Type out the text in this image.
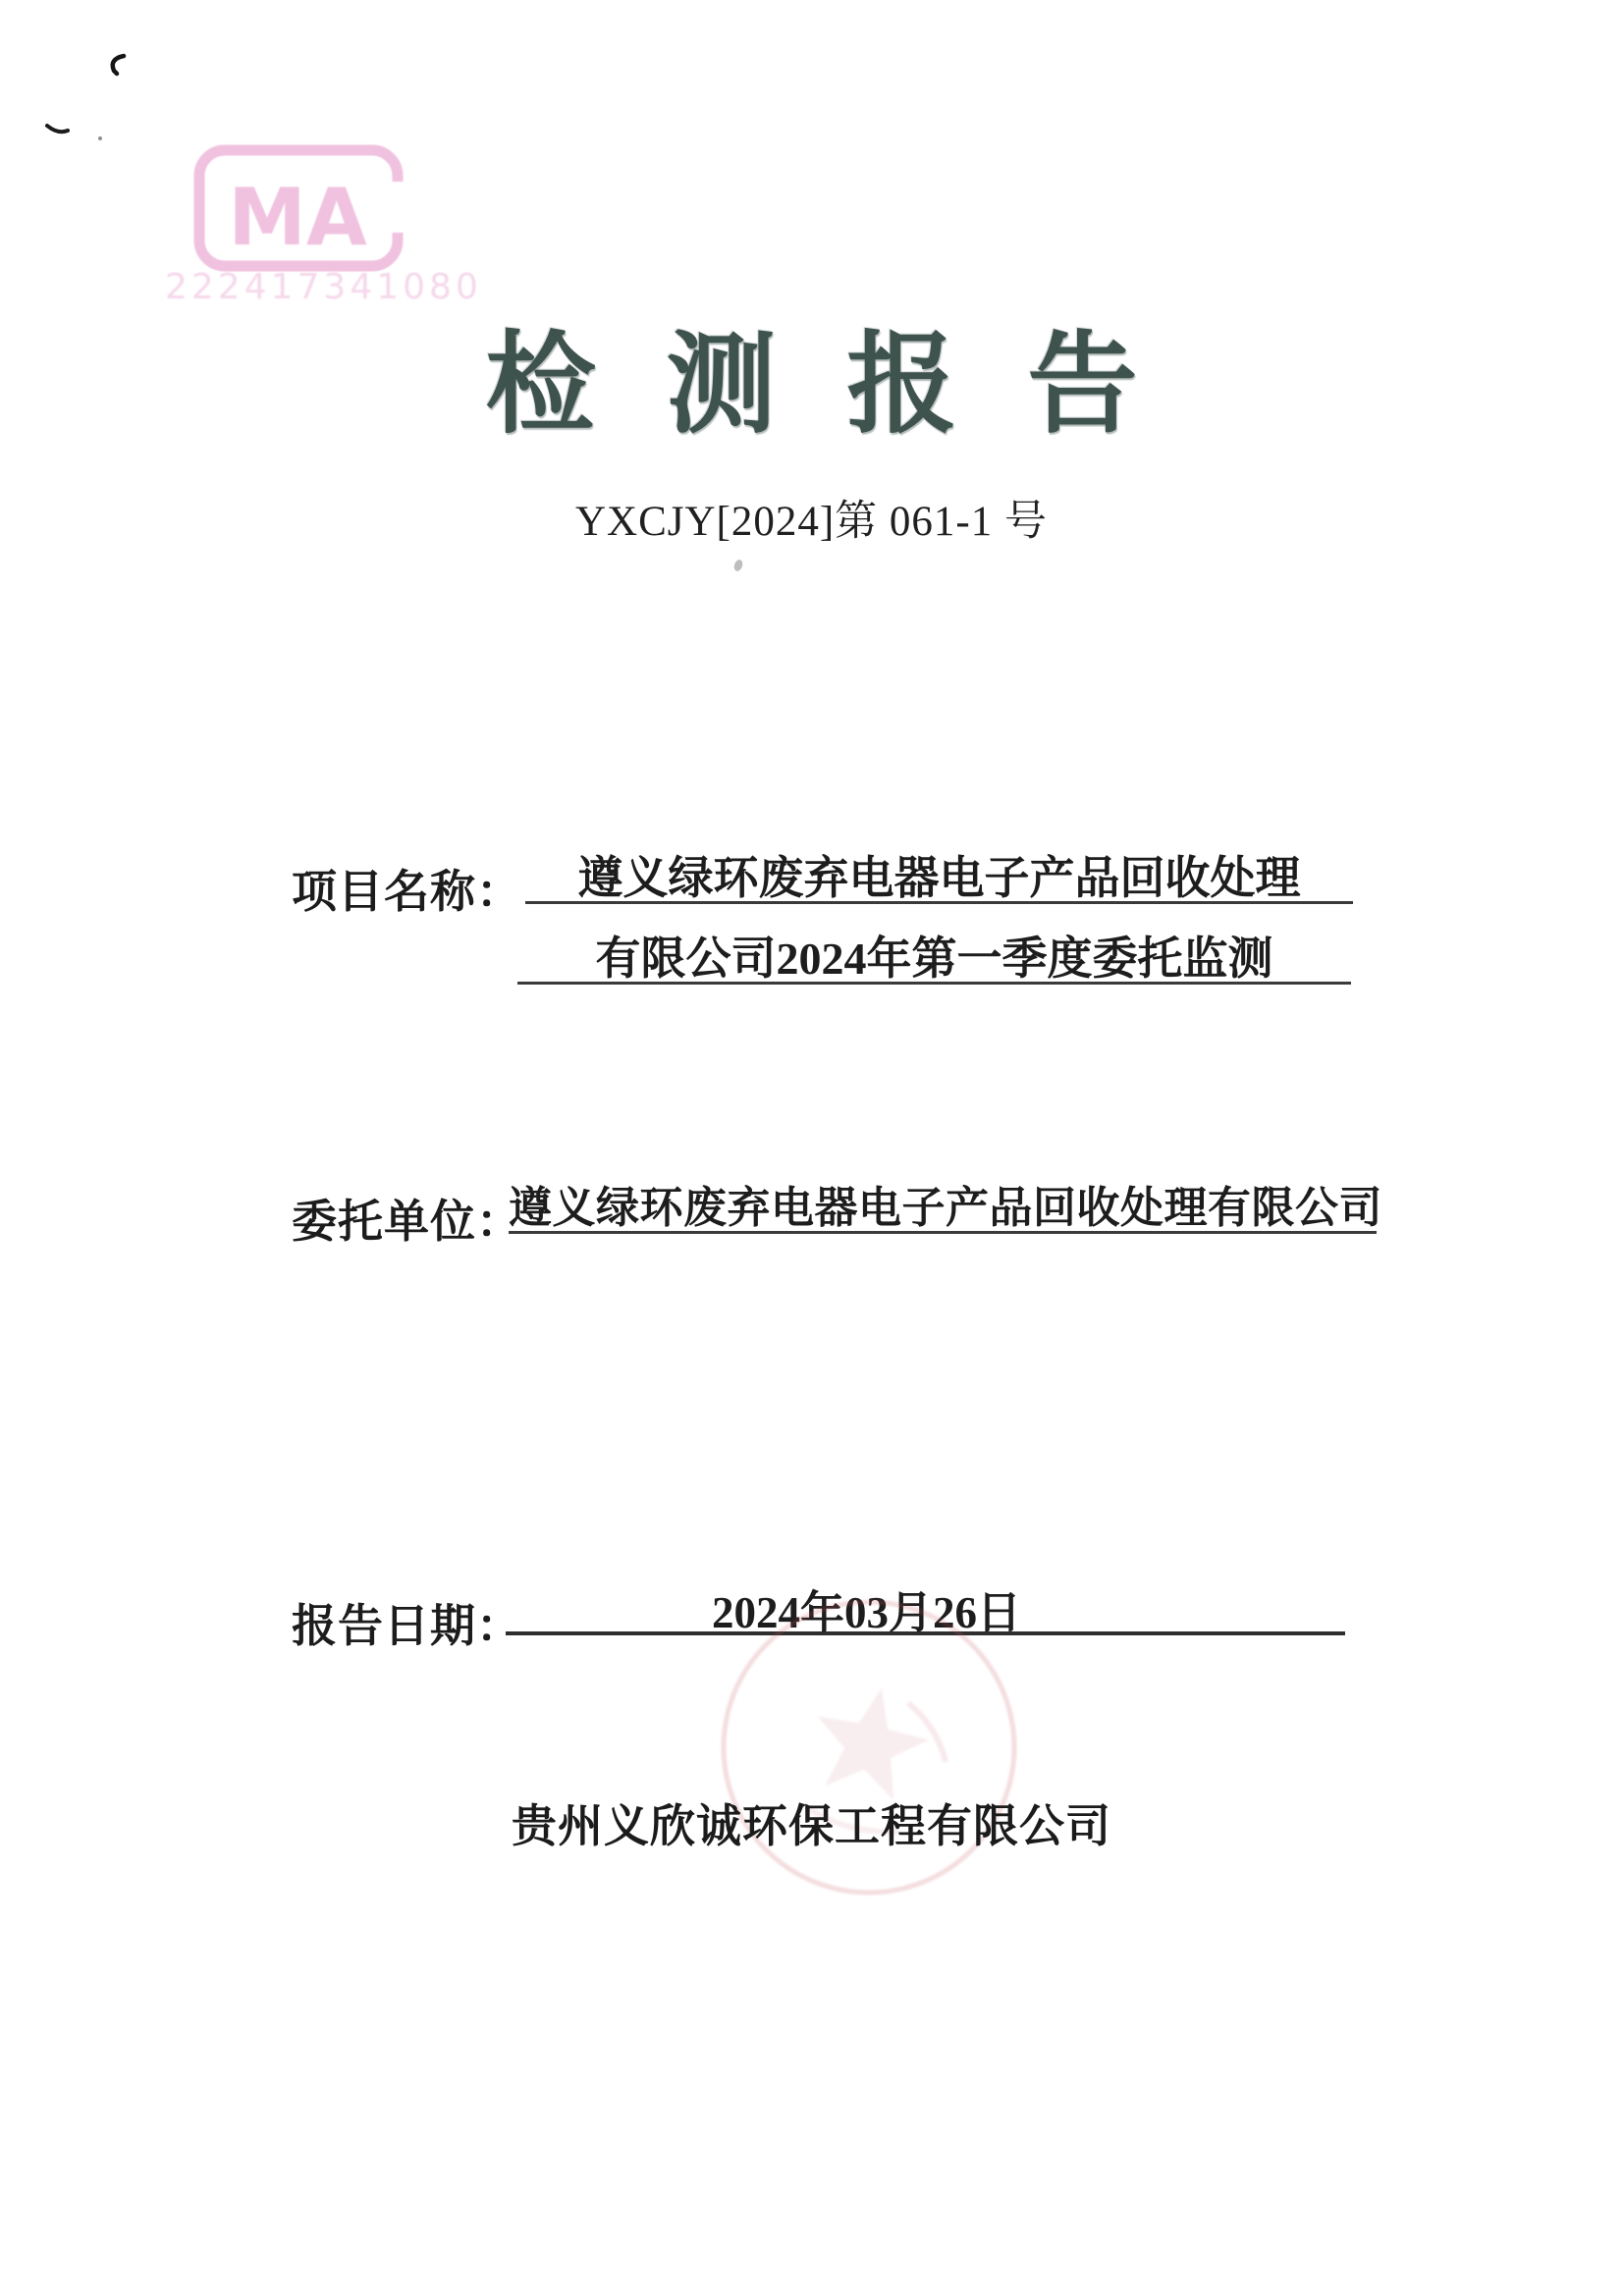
MA
222417341080
检测报告
YXCJY[2024]第 061-1 号
项目名称：	遵义绿环废弃电器电子产品回收处理
有限公司2024年第一季度委托监测
委托单位：
遵义绿环废弃电器电子产品回收处理有限公司
报告日期：	2024年03月26日
贵州义欣诚环保工程有限公司
